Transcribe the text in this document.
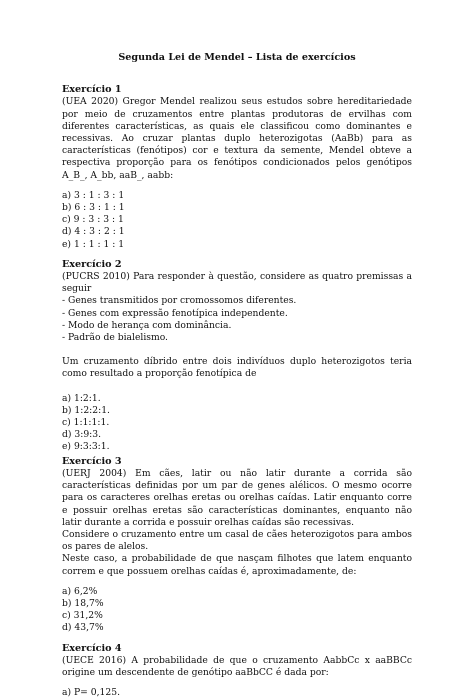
Segunda Lei de Mendel – Lista de exercícios
Exercício 1

(UEA 2020) Gregor Mendel realizou seus estudos sobre hereditariedade por meio de cruzamentos entre plantas produtoras de ervilhas com diferentes características, as quais ele classificou como dominantes e recessivas. Ao cruzar plantas duplo heterozigotas (AaBb) para as características (fenótipos) cor e textura da semente, Mendel obteve a respectiva proporção para os fenótipos condicionados pelos genótipos A_B_, A_bb, aaB_, aabb:

a) 3 : 1 : 3 : 1
b) 6 : 3 : 1 : 1
c) 9 : 3 : 3 : 1
d) 4 : 3 : 2 : 1
e) 1 : 1 : 1 : 1
Exercício 2

(PUCRS 2010) Para responder à questão, considere as quatro premissas a seguir

- Genes transmitidos por cromossomos diferentes.

- Genes com expressão fenotípica independente.

- Modo de herança com dominância.

- Padrão de bialelismo.

Um cruzamento díbrido entre dois indivíduos duplo heterozigotos teria como resultado a proporção fenotípica de

a) 1:2:1.
b) 1:2:2:1.
c) 1:1:1:1.
d) 3:9:3.
e) 9:3:3:1.
Exercício 3

(UERJ 2004) Em cães, latir ou não latir durante a corrida são características definidas por um par de genes alélicos. O mesmo ocorre para os caracteres orelhas eretas ou orelhas caídas. Latir enquanto corre e possuir orelhas eretas são características dominantes, enquanto não latir durante a corrida e possuir orelhas caídas são recessivas.

Considere o cruzamento entre um casal de cães heterozigotos para ambos os pares de alelos.

Neste caso, a probabilidade de que nasçam filhotes que latem enquanto correm e que possuem orelhas caídas é, aproximadamente, de:

a) 6,2%
b) 18,7%
c) 31,2%
d) 43,7%
Exercício 4

(UECE 2016) A probabilidade de que o cruzamento AabbCc x aaBBCc origine um descendente de genótipo aaBbCC é dada por:

a) P= 0,125.
